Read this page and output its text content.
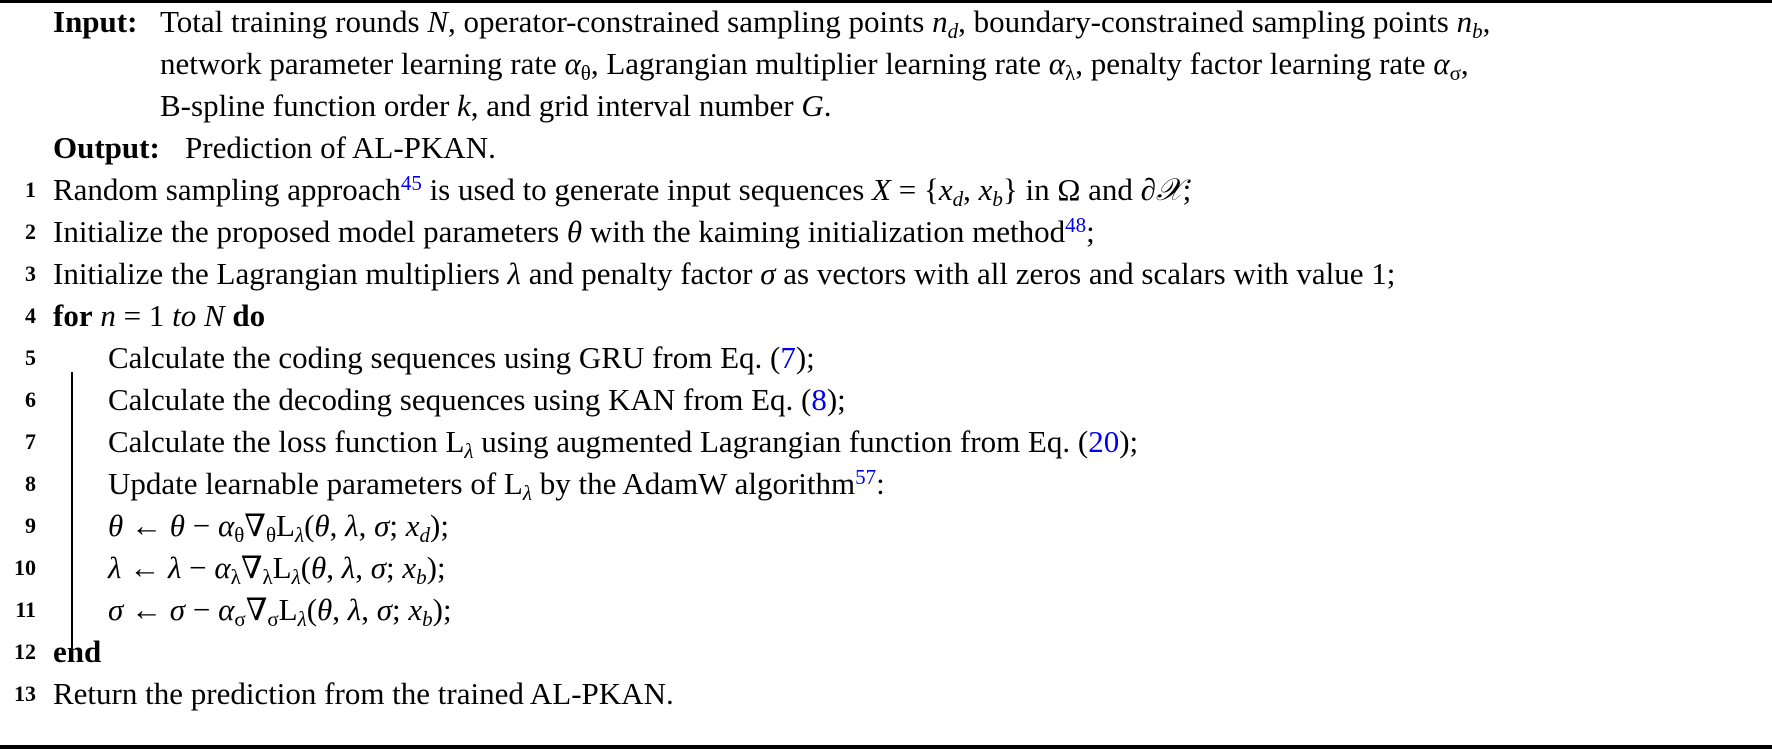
Input: Total training rounds N, operator-constrained sampling points $n_d$, boundary-constrained sampling points $n_b$,
network parameter learning rate $\alpha_\theta$, Lagrangian multiplier learning rate $\alpha_\lambda$, penalty factor learning rate $\alpha_\sigma$,
B-spline function order k, and grid interval number G.
Output: Prediction of AL-PKAN.
1 Random sampling approach$^{45}$ is used to generate input sequences $X = \{x_d$, $x_b$} in Ω and ∂𝒳;
2 Initialize the proposed model parameters θ with the kaiming initialization method$^{48}$;
3 Initialize the Lagrangian multipliers λ and penalty factor σ as vectors with all zeros and scalars with value 1;
4 for n = 1 to N do
5 Calculate the coding sequences using GRU from Eq. (7);
6 Calculate the decoding sequences using KAN from Eq. (8);
7 Calculate the loss function $L_\lambda$ using augmented Lagrangian function from Eq. (20);
8 Update learnable parameters of $L_\lambda$ by the AdamW algorithm$^{57}$:
9 θ ← $\theta - \alpha_\theta\nabla_\theta L_\lambda(\theta$, λ, σ; $x_d$);
10 λ ← $\lambda - \alpha_\lambda\nabla_\lambda L_\lambda(\theta$, λ, σ; $x_b$);
11 σ ← $\sigma - \alpha_\sigma\nabla_\sigma L_\lambda(\theta$, λ, σ; $x_b$);
12 end
13 Return the prediction from the trained AL-PKAN.
